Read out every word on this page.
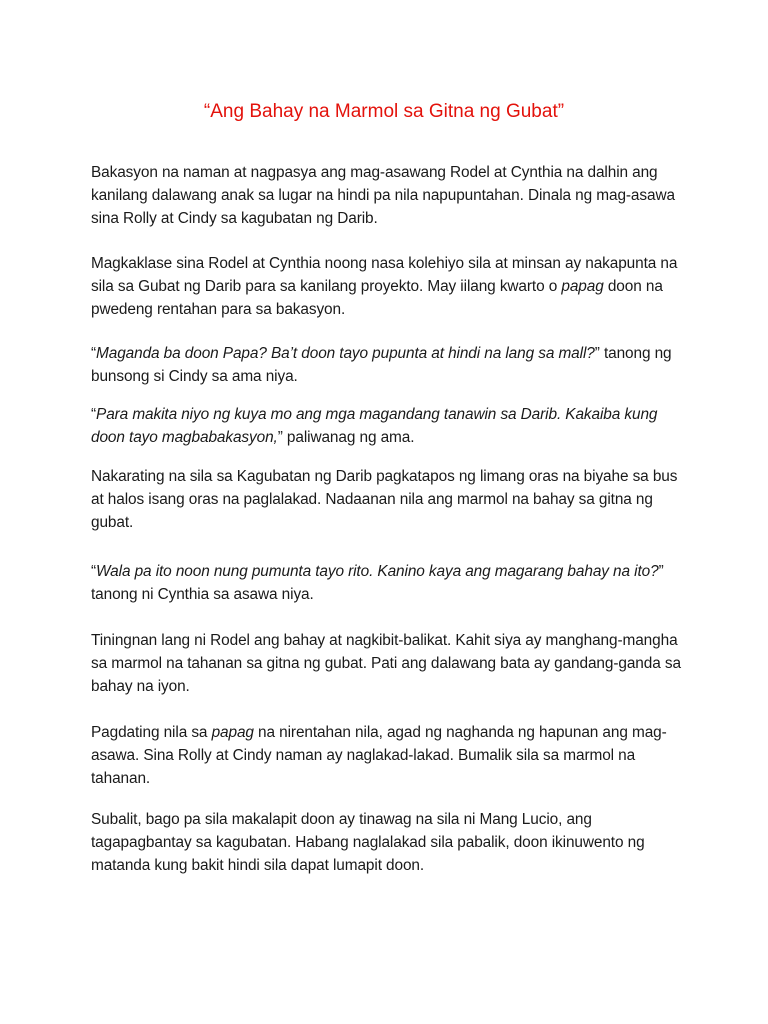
“Ang Bahay na Marmol sa Gitna ng Gubat”

Bakasyon na naman at nagpasya ang mag-asawang Rodel at Cynthia na dalhin ang kanilang dalawang anak sa lugar na hindi pa nila napupuntahan. Dinala ng mag-asawa sina Rolly at Cindy sa kagubatan ng Darib.

Magkaklase sina Rodel at Cynthia noong nasa kolehiyo sila at minsan ay nakapunta na sila sa Gubat ng Darib para sa kanilang proyekto. May iilang kwarto o papag doon na pwedeng rentahan para sa bakasyon.

“Maganda ba doon Papa? Ba’t doon tayo pupunta at hindi na lang sa mall?” tanong ng bunsong si Cindy sa ama niya.

“Para makita niyo ng kuya mo ang mga magandang tanawin sa Darib. Kakaiba kung doon tayo magbabakasyon,” paliwanag ng ama.

Nakarating na sila sa Kagubatan ng Darib pagkatapos ng limang oras na biyahe sa bus at halos isang oras na paglalakad. Nadaanan nila ang marmol na bahay sa gitna ng gubat.

“Wala pa ito noon nung pumunta tayo rito. Kanino kaya ang magarang bahay na ito?” tanong ni Cynthia sa asawa niya.

Tiningnan lang ni Rodel ang bahay at nagkibit-balikat. Kahit siya ay manghang-mangha sa marmol na tahanan sa gitna ng gubat. Pati ang dalawang bata ay gandang-ganda sa bahay na iyon.

Pagdating nila sa papag na nirentahan nila, agad ng naghanda ng hapunan ang mag-asawa. Sina Rolly at Cindy naman ay naglakad-lakad. Bumalik sila sa marmol na tahanan.

Subalit, bago pa sila makalapit doon ay tinawag na sila ni Mang Lucio, ang tagapagbantay sa kagubatan. Habang naglalakad sila pabalik, doon ikinuwento ng matanda kung bakit hindi sila dapat lumapit doon.
